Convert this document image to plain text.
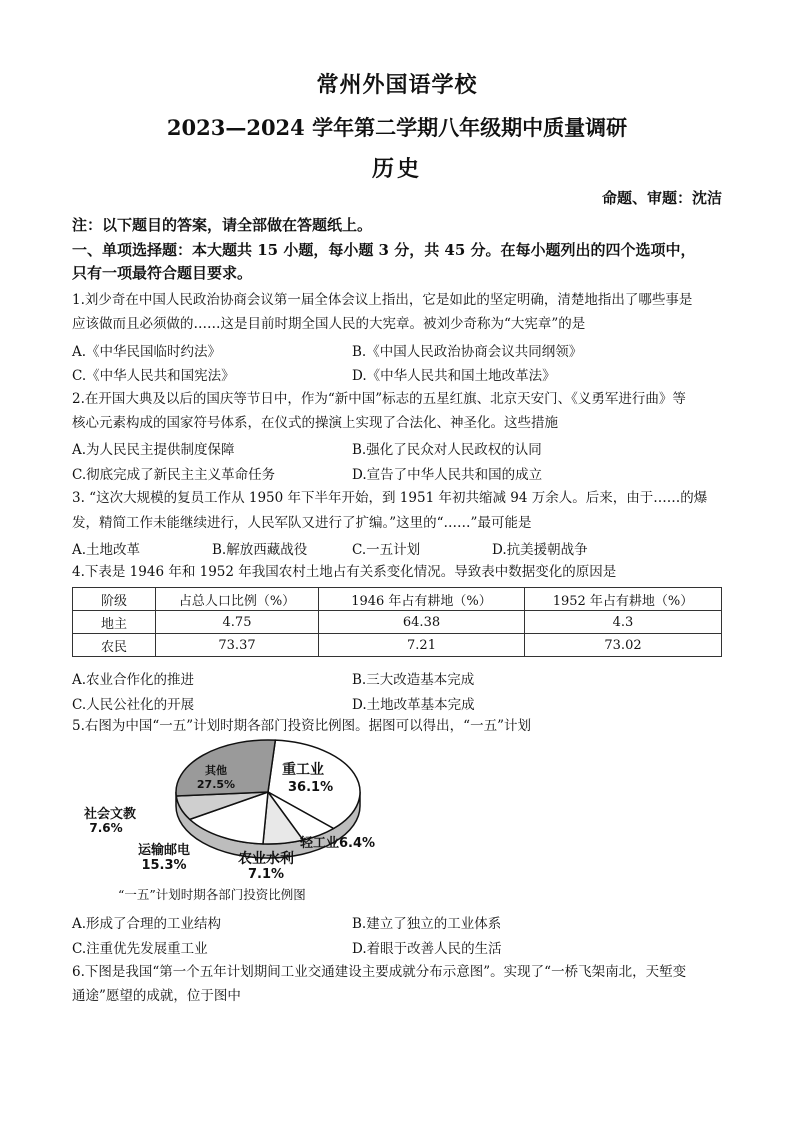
常州外国语学校
2023—2024 学年第二学期八年级期中质量调研
历史
命题、审题：沈洁
注：以下题目的答案，请全部做在答题纸上。
一、单项选择题：本大题共 15 小题，每小题 3 分，共 45 分。在每小题列出的四个选项中，
只有一项最符合题目要求。
1.刘少奇在中国人民政治协商会议第一届全体会议上指出，它是如此的坚定明确，清楚地指出了哪些事是
应该做而且必须做的……这是目前时期全国人民的大宪章。被刘少奇称为“大宪章”的是
A.《中华民国临时约法》	B.《中国人民政治协商会议共同纲领》
C.《中华人民共和国宪法》	D.《中华人民共和国土地改革法》
2.在开国大典及以后的国庆等节日中，作为“新中国”标志的五星红旗、北京天安门、《义勇军进行曲》等
核心元素构成的国家符号体系，在仪式的操演上实现了合法化、神圣化。这些措施
A.为人民民主提供制度保障	B.强化了民众对人民政权的认同
C.彻底完成了新民主主义革命任务	D.宣告了中华人民共和国的成立
3. “这次大规模的复员工作从 1950 年下半年开始，到 1951 年初共缩减 94 万余人。后来，由于……的爆
发，精简工作未能继续进行，人民军队又进行了扩编。”这里的“……”最可能是
A.土地改革	B.解放西藏战役	C.一五计划	D.抗美援朝战争
4.下表是 1946 年和 1952 年我国农村土地占有关系变化情况。导致表中数据变化的原因是
阶级	占总人口比例（%）	1946 年占有耕地（%）	1952 年占有耕地（%）
地主	4.75	64.38	4.3
农民	73.37	7.21	73.02
A.农业合作化的推进	B.三大改造基本完成
C.人民公社化的开展	D.土地改革基本完成
5.右图为中国“一五”计划时期各部门投资比例图。据图可以得出，“一五”计划
重工业
36.1%
轻工业6.4%
农业水利
7.1%
运输邮电
15.3%
社会文教
7.6%
其他
27.5%
“一五”计划时期各部门投资比例图
A.形成了合理的工业结构	B.建立了独立的工业体系
C.注重优先发展重工业	D.着眼于改善人民的生活
6.下图是我国“第一个五年计划期间工业交通建设主要成就分布示意图”。实现了“一桥飞架南北，天堑变
通途”愿望的成就，位于图中
